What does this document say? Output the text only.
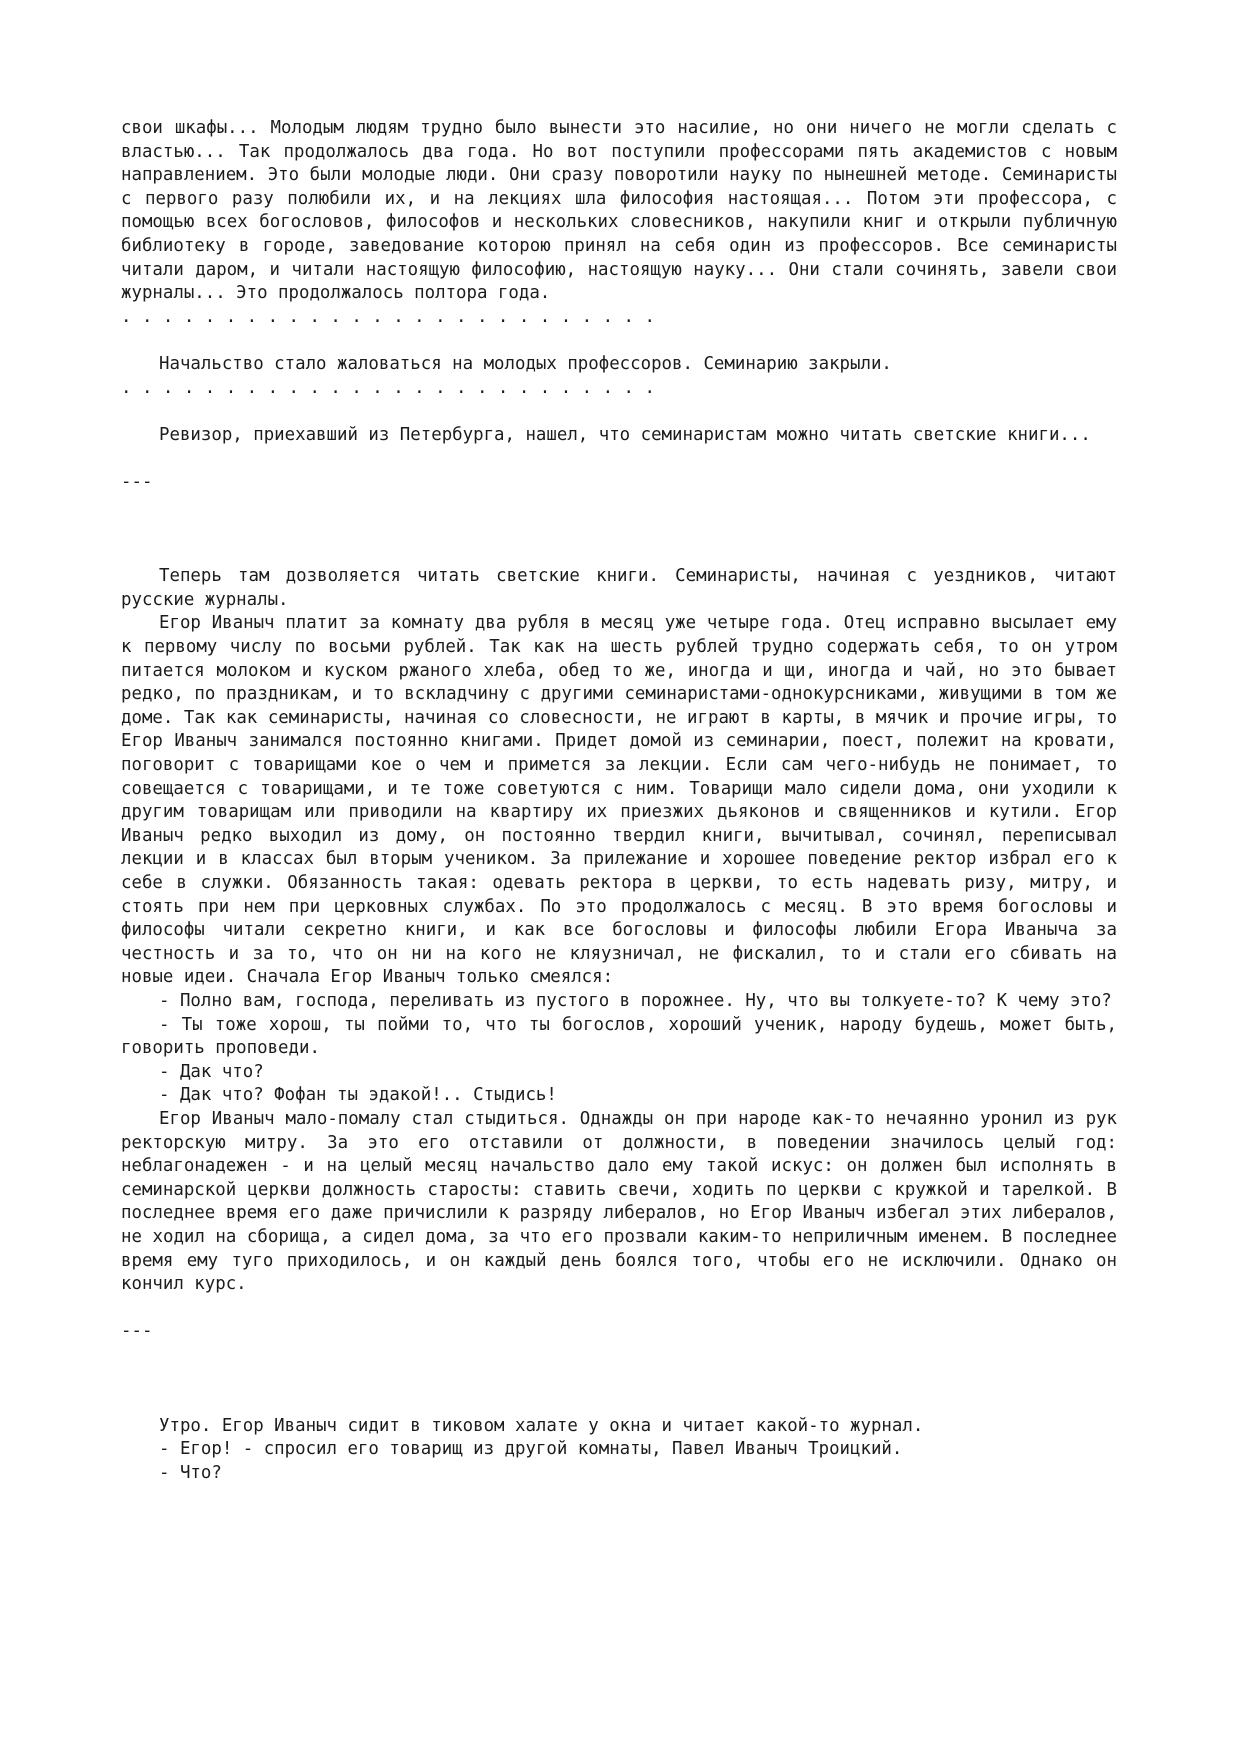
свои шкафы... Молодым людям трудно было вынести это насилие, но они ничего не могли сделать с властью... Так продолжалось два года. Но вот поступили профессорами пять академистов с новым направлением. Это были молодые люди. Они сразу поворотили науку по нынешней методе. Семинаристы с первого разу полюбили их, и на лекциях шла философия настоящая... Потом эти профессора, с помощью всех богословов, философов и нескольких словесников, накупили книг и открыли публичную библиотеку в городе, заведование которою принял на себя один из профессоров. Все семинаристы читали даром, и читали настоящую философию, настоящую науку... Они стали сочинять, завели свои журналы... Это продолжалось полтора года.

. . . . . . . . . . . . . . . . . . . . . . . . . .

Начальство стало жаловаться на молодых профессоров. Семинарию закрыли.

. . . . . . . . . . . . . . . . . . . . . . . . . .

Ревизор, приехавший из Петербурга, нашел, что семинаристам можно читать светские книги...

---

Теперь там дозволяется читать светские книги. Семинаристы, начиная с уездников, читают русские журналы.

Егор Иваныч платит за комнату два рубля в месяц уже четыре года. Отец исправно высылает ему к первому числу по восьми рублей. Так как на шесть рублей трудно содержать себя, то он утром питается молоком и куском ржаного хлеба, обед то же, иногда и щи, иногда и чай, но это бывает редко, по праздникам, и то вскладчину с другими семинаристами-однокурсниками, живущими в том же доме. Так как семинаристы, начиная со словесности, не играют в карты, в мячик и прочие игры, то Егор Иваныч занимался постоянно книгами. Придет домой из семинарии, поест, полежит на кровати, поговорит с товарищами кое о чем и примется за лекции. Если сам чего-нибудь не понимает, то совещается с товарищами, и те тоже советуются с ним. Товарищи мало сидели дома, они уходили к другим товарищам или приводили на квартиру их приезжих дьяконов и священников и кутили. Егор Иваныч редко выходил из дому, он постоянно твердил книги, вычитывал, сочинял, переписывал лекции и в классах был вторым учеником. За прилежание и хорошее поведение ректор избрал его к себе в служки. Обязанность такая: одевать ректора в церкви, то есть надевать ризу, митру, и стоять при нем при церковных службах. По это продолжалось с месяц. В это время богословы и философы читали секретно книги, и как все богословы и философы любили Егора Иваныча за честность и за то, что он ни на кого не кляузничал, не фискалил, то и стали его сбивать на новые идеи. Сначала Егор Иваныч только смеялся:

- Полно вам, господа, переливать из пустого в порожнее. Ну, что вы толкуете-то? К чему это?

- Ты тоже хорош, ты пойми то, что ты богослов, хороший ученик, народу будешь, может быть, говорить проповеди.

- Дак что?

- Дак что? Фофан ты эдакой!.. Стыдись!

Егор Иваныч мало-помалу стал стыдиться. Однажды он при народе как-то нечаянно уронил из рук ректорскую митру. За это его отставили от должности, в поведении значилось целый год: неблагонадежен - и на целый месяц начальство дало ему такой искус: он должен был исполнять в семинарской церкви должность старосты: ставить свечи, ходить по церкви с кружкой и тарелкой. В последнее время его даже причислили к разряду либералов, но Егор Иваныч избегал этих либералов, не ходил на сборища, а сидел дома, за что его прозвали каким-то неприличным именем. В последнее время ему туго приходилось, и он каждый день боялся того, чтобы его не исключили. Однако он кончил курс.

---

Утро. Егор Иваныч сидит в тиковом халате у окна и читает какой-то журнал.

- Егор! - спросил его товарищ из другой комнаты, Павел Иваныч Троицкий.

- Что?
